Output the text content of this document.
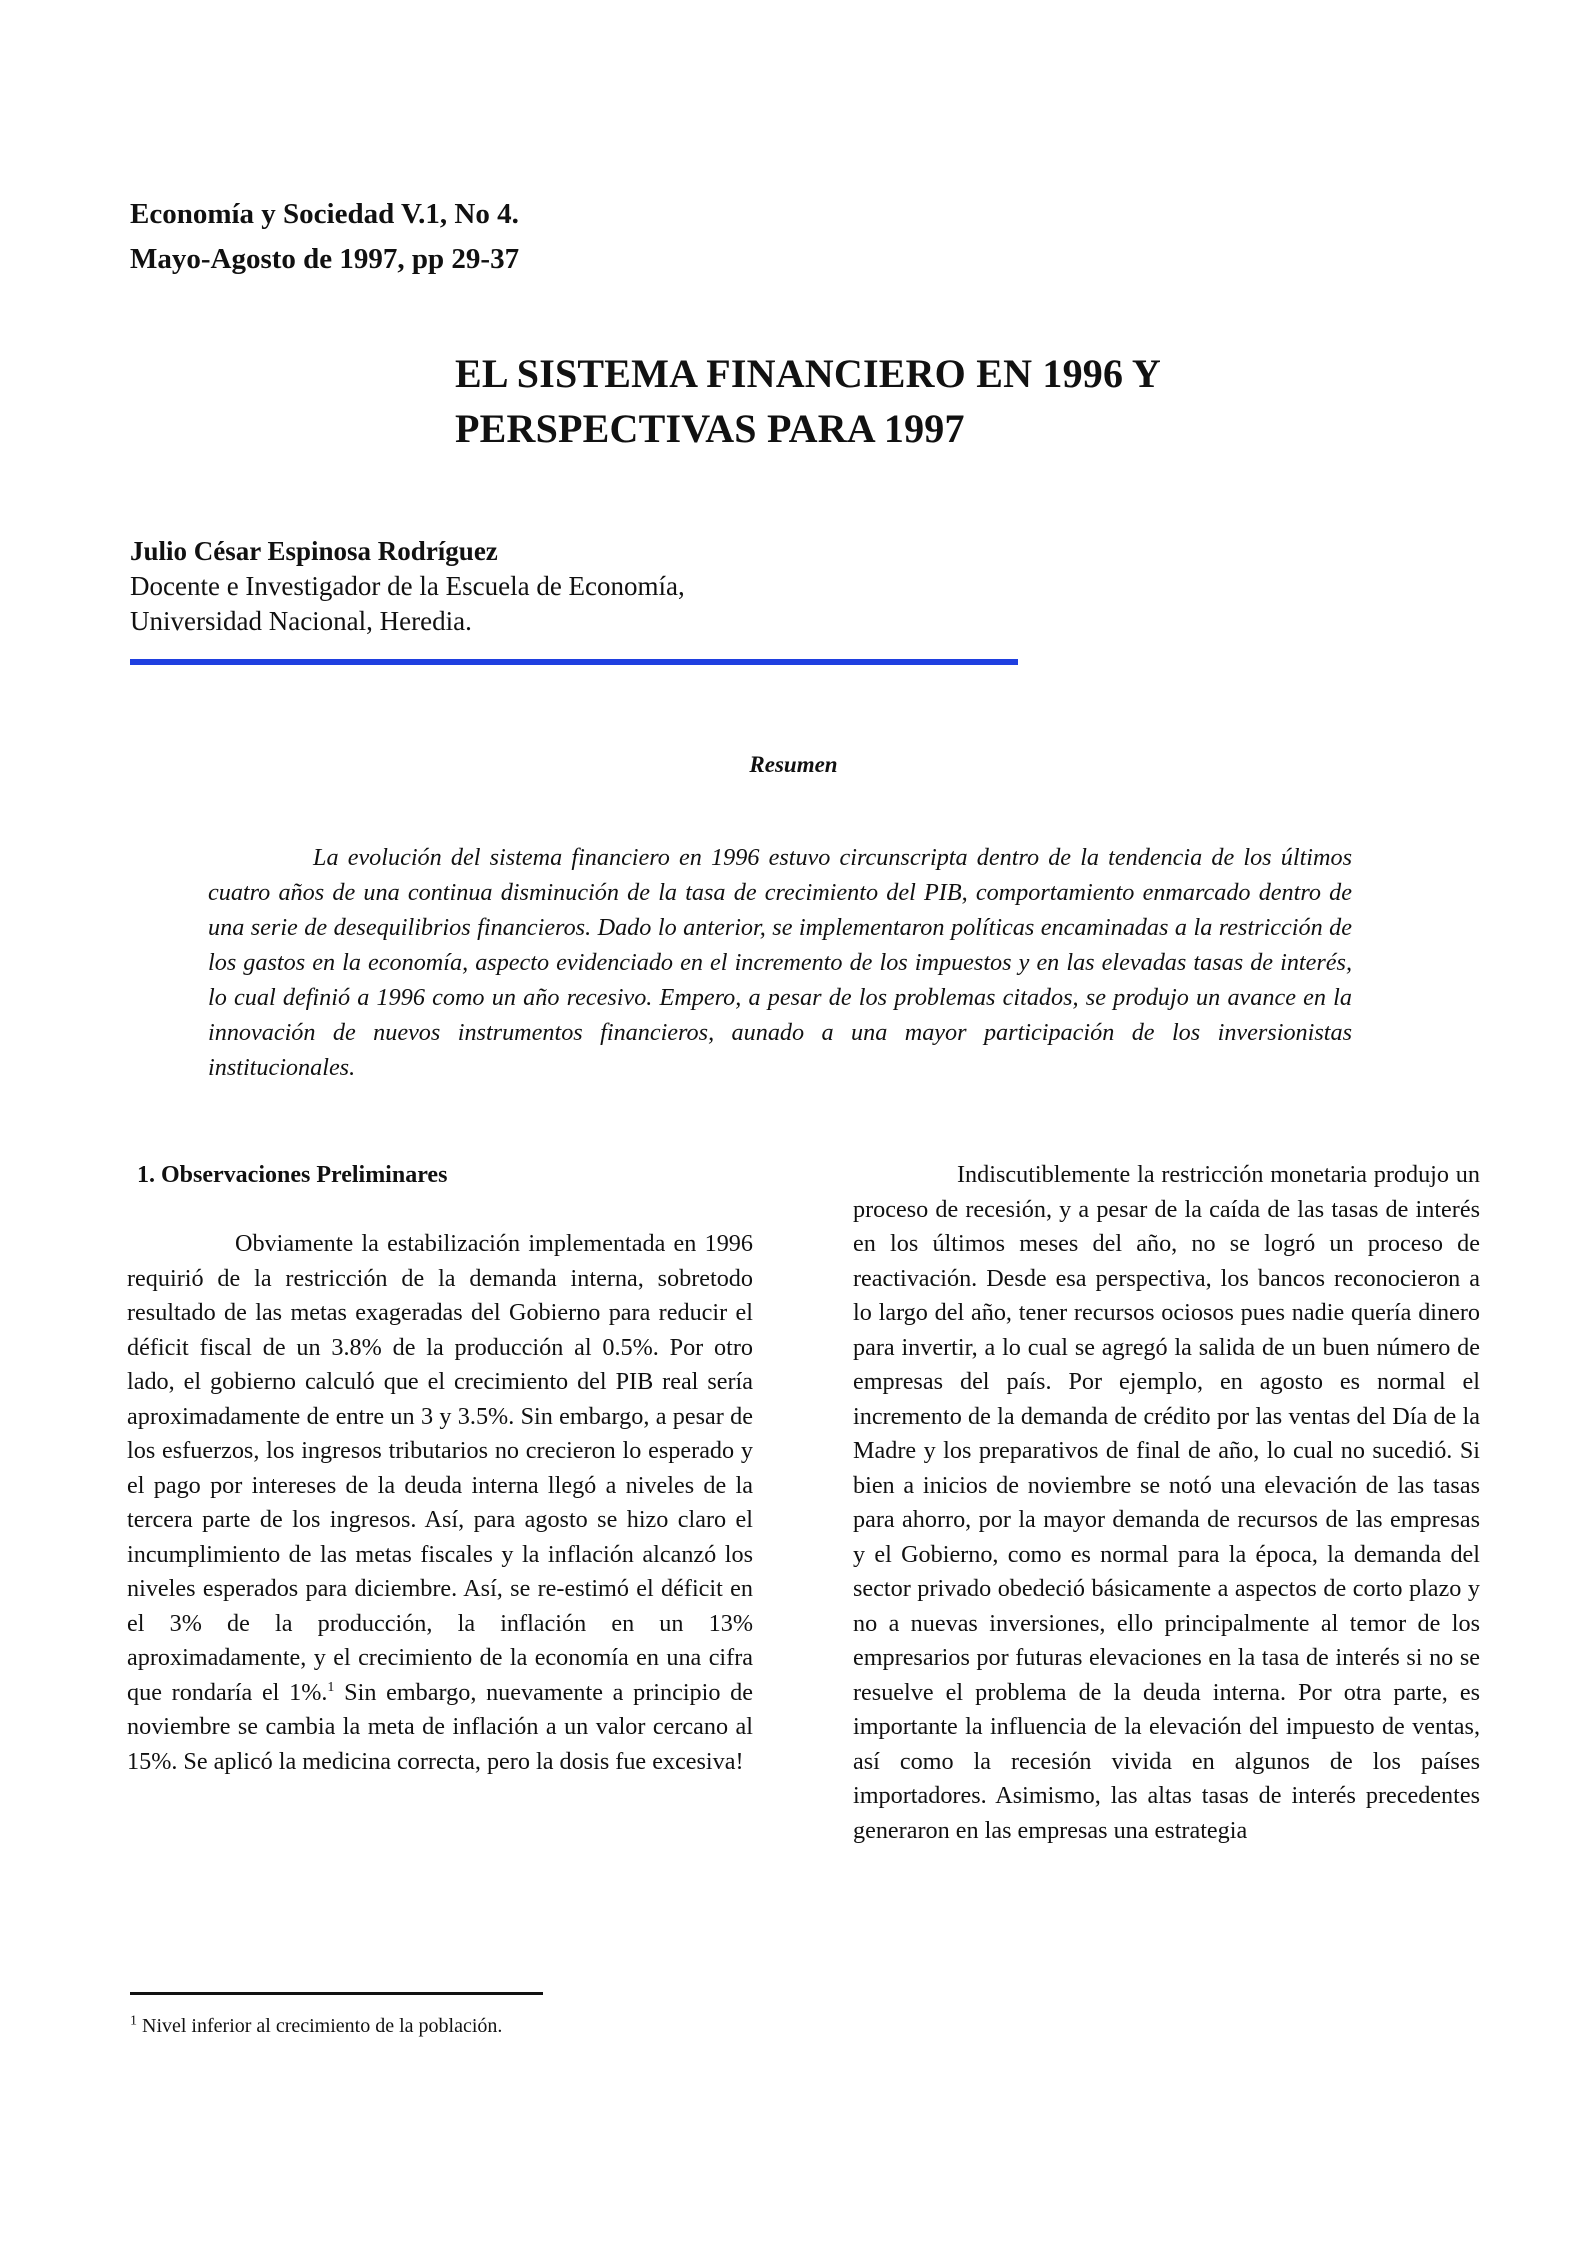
Economía y Sociedad V.1, No 4.
Mayo-Agosto de 1997, pp 29-37
EL SISTEMA FINANCIERO EN 1996 Y
PERSPECTIVAS PARA 1997
Julio César Espinosa Rodríguez
Docente e Investigador de la Escuela de Economía,
Universidad Nacional, Heredia.
Resumen

La evolución del sistema financiero en 1996 estuvo circunscripta dentro de la tendencia de los últimos cuatro años de una continua disminución de la tasa de crecimiento del PIB, comportamiento enmarcado dentro de una serie de desequilibrios financieros. Dado lo anterior, se implementaron políticas encaminadas a la restricción de los gastos en la economía, aspecto evidenciado en el incremento de los impuestos y en las elevadas tasas de interés, lo cual definió a 1996 como un año recesivo. Empero, a pesar de los problemas citados, se produjo un avance en la innovación de nuevos instrumentos financieros, aunado a una mayor participación de los inversionistas institucionales.

1. Observaciones Preliminares

Obviamente la estabilización implementada en 1996 requirió de la restricción de la demanda interna, sobretodo resultado de las metas exageradas del Gobierno para reducir el déficit fiscal de un 3.8% de la producción al 0.5%. Por otro lado, el gobierno calculó que el crecimiento del PIB real sería aproximadamente de entre un 3 y 3.5%. Sin embargo, a pesar de los esfuerzos, los ingresos tributarios no crecieron lo esperado y el pago por intereses de la deuda interna llegó a niveles de la tercera parte de los ingresos. Así, para agosto se hizo claro el incumplimiento de las metas fiscales y la inflación alcanzó los niveles esperados para diciembre. Así, se re-estimó el déficit en el 3% de la producción, la inflación en un 13% aproximadamente, y el crecimiento de la economía en una cifra que rondaría el 1%.$^1$ Sin embargo, nuevamente a principio de noviembre se cambia la meta de inflación a un valor cercano al 15%. Se aplicó la medicina correcta, pero la dosis fue excesiva!

Indiscutiblemente la restricción monetaria produjo un proceso de recesión, y a pesar de la caída de las tasas de interés en los últimos meses del año, no se logró un proceso de reactivación. Desde esa perspectiva, los bancos reconocieron a lo largo del año, tener recursos ociosos pues nadie quería dinero para invertir, a lo cual se agregó la salida de un buen número de empresas del país. Por ejemplo, en agosto es normal el incremento de la demanda de crédito por las ventas del Día de la Madre y los preparativos de final de año, lo cual no sucedió. Si bien a inicios de noviembre se notó una elevación de las tasas para ahorro, por la mayor demanda de recursos de las empresas y el Gobierno, como es normal para la época, la demanda del sector privado obedeció básicamente a aspectos de corto plazo y no a nuevas inversiones, ello principalmente al temor de los empresarios por futuras elevaciones en la tasa de interés si no se resuelve el problema de la deuda interna. Por otra parte, es importante la influencia de la elevación del impuesto de ventas, así como la recesión vivida en algunos de los países importadores. Asimismo, las altas tasas de interés precedentes generaron en las empresas una estrategia

$^1$ Nivel inferior al crecimiento de la población.
